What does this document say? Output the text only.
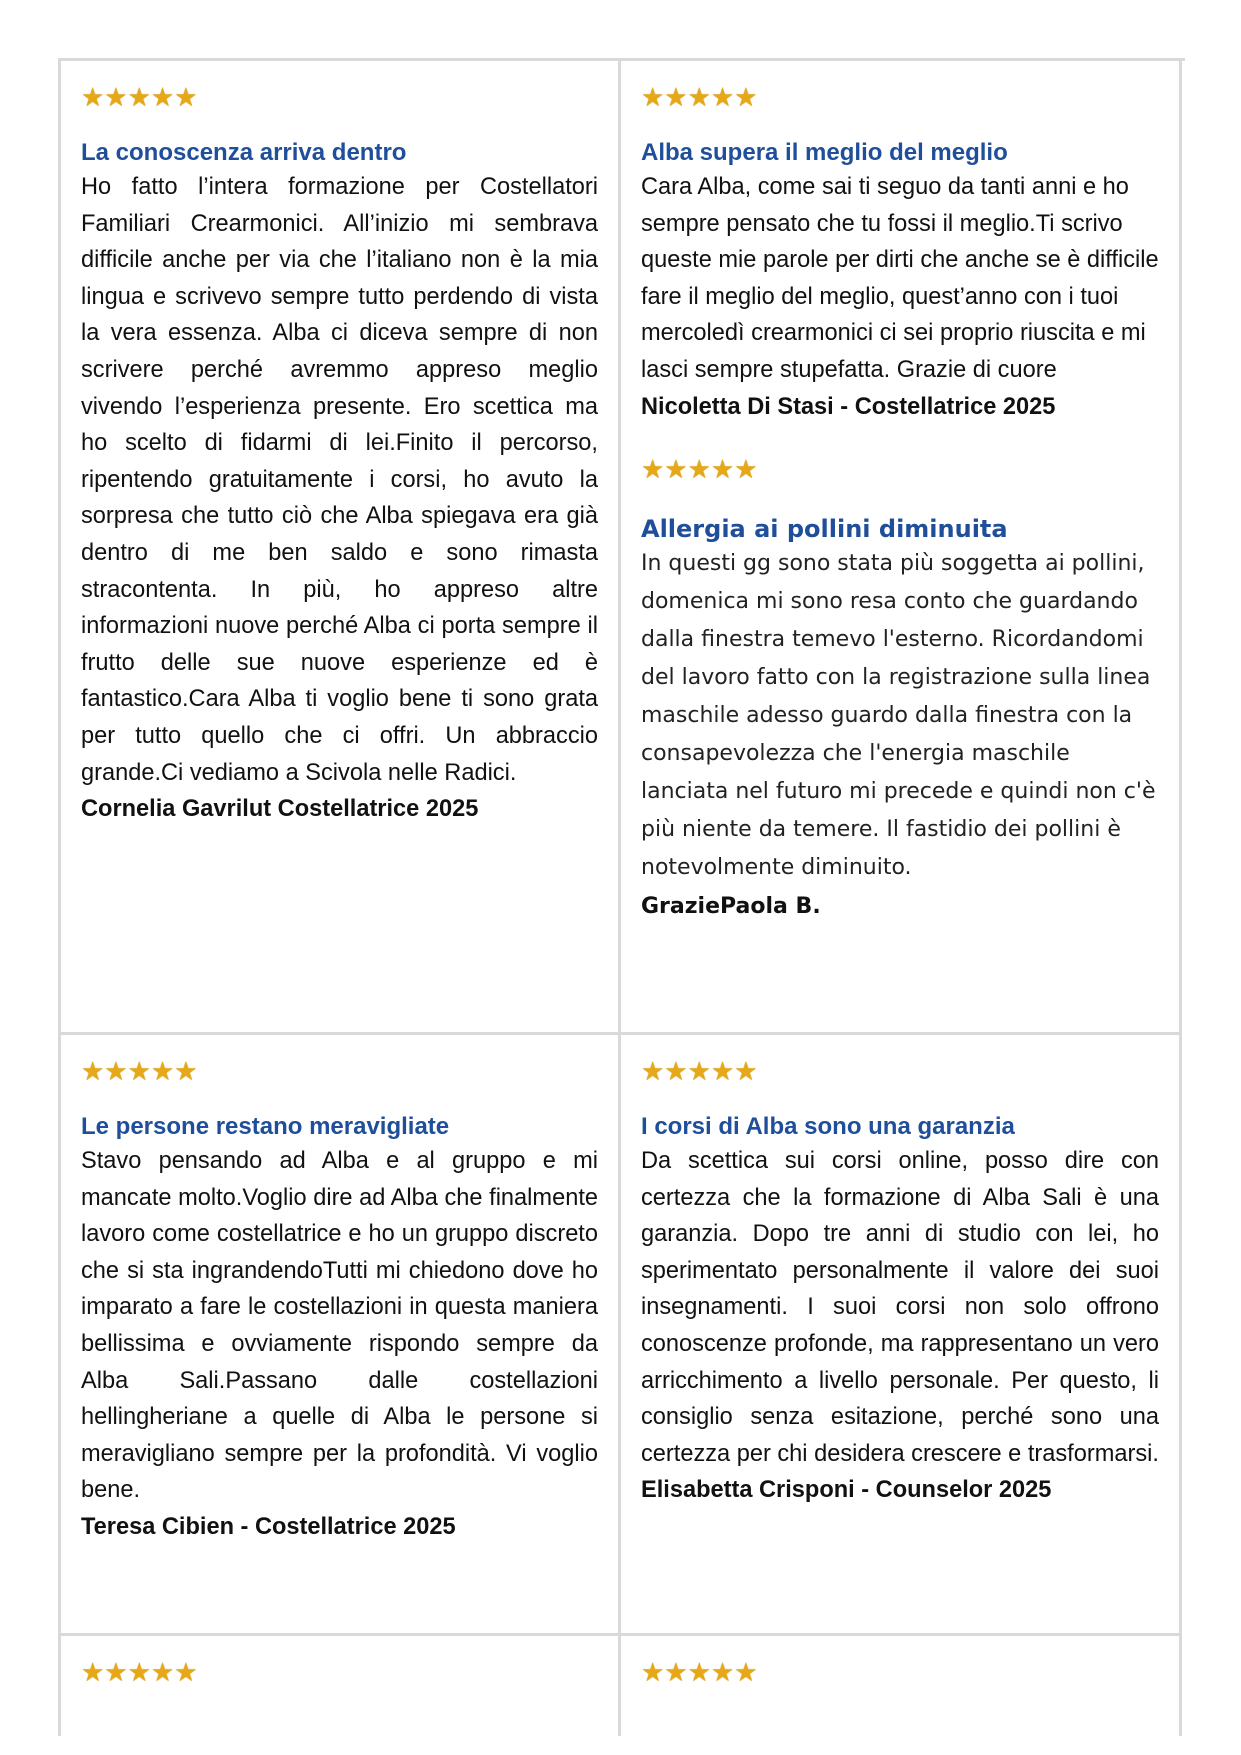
★★★★★
La conoscenza arriva dentro
Ho fatto l’intera formazione per Costellatori Familiari Crearmonici. All’inizio mi sembrava difficile anche per via che l’italiano non è la mia lingua e scrivevo sempre tutto perdendo di vista la vera essenza. Alba ci diceva sempre di non scrivere perché avremmo appreso meglio vivendo l’esperienza presente. Ero scettica ma ho scelto di fidarmi di lei.Finito il percorso, ripentendo gratuitamente i corsi, ho avuto la sorpresa che tutto ciò che Alba spiegava era già dentro di me ben saldo e sono rimasta stracontenta. In più, ho appreso altre informazioni nuove perché Alba ci porta sempre il frutto delle sue nuove esperienze ed è fantastico.Cara Alba ti voglio bene ti sono grata per tutto quello che ci offri. Un abbraccio grande.Ci vediamo a Scivola nelle Radici.
Cornelia Gavrilut Costellatrice 2025
★★★★★
Alba supera il meglio del meglio
Cara Alba, come sai ti seguo da tanti anni e ho sempre pensato che tu fossi il meglio.Ti scrivo queste mie parole per dirti che anche se è difficile fare il meglio del meglio, quest’anno con i tuoi mercoledì crearmonici ci sei proprio riuscita e mi lasci sempre stupefatta. Grazie di cuore
Nicoletta Di Stasi - Costellatrice 2025
★★★★★
Allergia ai pollini diminuita
In questi gg sono stata più soggetta ai pollini, domenica mi sono resa conto che guardando dalla finestra temevo l'esterno. Ricordandomi del lavoro fatto con la registrazione sulla linea maschile adesso guardo dalla finestra con la consapevolezza che l'energia maschile lanciata nel futuro mi precede e quindi non c'è più niente da temere. Il fastidio dei pollini è notevolmente diminuito.
GraziePaola B.
★★★★★
Le persone restano meravigliate
Stavo pensando ad Alba e al gruppo e mi mancate molto.Voglio dire ad Alba che finalmente lavoro come costellatrice e ho un gruppo discreto che si sta ingrandendoTutti mi chiedono dove ho imparato a fare le costellazioni in questa maniera bellissima e ovviamente rispondo sempre da Alba Sali.Passano dalle costellazioni hellingheriane a quelle di Alba le persone si meravigliano sempre per la profondità. Vi voglio bene.
Teresa Cibien - Costellatrice 2025
★★★★★
I corsi di Alba sono una garanzia
Da scettica sui corsi online, posso dire con certezza che la formazione di Alba Sali è una garanzia. Dopo tre anni di studio con lei, ho sperimentato personalmente il valore dei suoi insegnamenti. I suoi corsi non solo offrono conoscenze profonde, ma rappresentano un vero arricchimento a livello personale. Per questo, li consiglio senza esitazione, perché sono una certezza per chi desidera crescere e trasformarsi.
Elisabetta Crisponi - Counselor 2025
★★★★★	★★★★★
